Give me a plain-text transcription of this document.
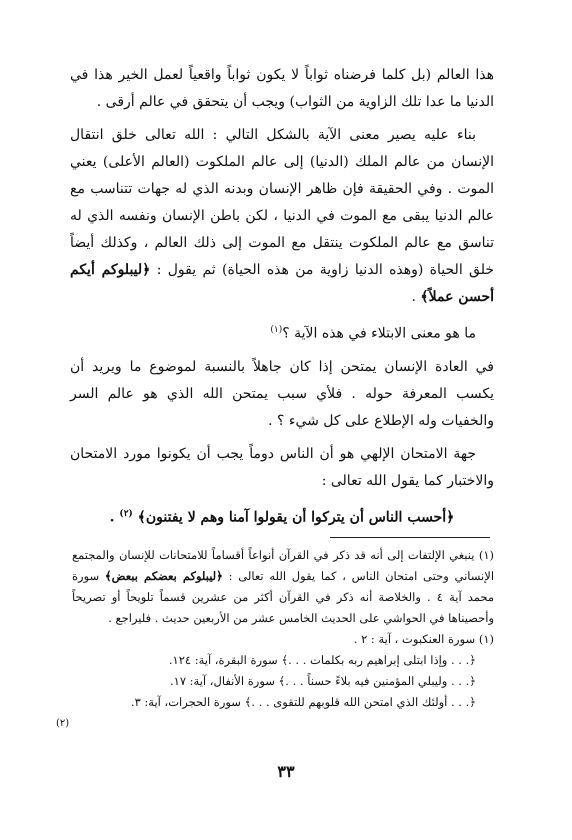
هذا العالم (بل كلما فرضناه ثواباً لا يكون ثواباً واقعياً لعمل الخير هذا في الدنيا ما عدا تلك الزاوية من الثواب) ويجب أن يتحقق في عالم أرقى .

بناء عليه يصير معنى الآية بالشكل التالي : الله تعالى خلق انتقال الإنسان من عالم الملك (الدنيا) إلى عالم الملكوت (العالم الأعلى) يعني الموت . وفي الحقيقة فإن ظاهر الإنسان وبدنه الذي له جهات تتناسب مع عالم الدنيا يبقى مع الموت في الدنيا ، لكن باطن الإنسان ونفسه الذي له تناسق مع عالم الملكوت ينتقل مع الموت إلى ذلك العالم ، وكذلك أيضاً خلق الحياة (وهذه الدنيا زاوية من هذه الحياة) ثم يقول : ﴿ليبلوكم أيكم أحسن عملاً﴾ .

ما هو معنى الابتلاء في هذه الآية ؟$^{(١)}$

في العادة الإنسان يمتحن إذا كان جاهلاً بالنسبة لموضوع ما ويريد أن يكسب المعرفة حوله . فلأي سبب يمتحن الله الذي هو عالم السر والخفيات وله الإطلاع على كل شيء ؟ .

جهة الامتحان الإلهي هو أن الناس دوماً يجب أن يكونوا مورد الامتحان والاختبار كما يقول الله تعالى :

﴿أحسب الناس أن يتركوا أن يقولوا آمنا وهم لا يفتنون﴾ $^{(٢)}$ .

(١) ينبغي الإلتفات إلى أنه قد ذكر في القرآن أنواعاً أقساماً للامتحانات للإنسان والمجتمع الإنساني وحتى امتحان الناس ، كما يقول الله تعالى : ﴿ليبلوكم بعضكم ببعض﴾ سورة محمد آية ٤ . والخلاصة أنه ذكر في القرآن أكثر من عشرين قسماً تلويحاً أو تصريحاً وأحصيناها في الحواشي على الحديث الخامس عشر من الأربعين حديث . فليراجع .

(١) سورة العنكبوت ، آية : ٢ .

﴿. . . وإذا ابتلى إبراهيم ربه بكلمات . . .﴾ سورة البقرة، آية: ١٢٤.
﴿. . . وليبلي المؤمنين فيه بلاءً حسناً . . .﴾ سورة الأنفال، آية: ١٧.
﴿. . . أولئك الذي امتحن الله قلوبهم للتقوى . . .﴾ سورة الحجرات، آية: ٣.
(٢)
٣٣
